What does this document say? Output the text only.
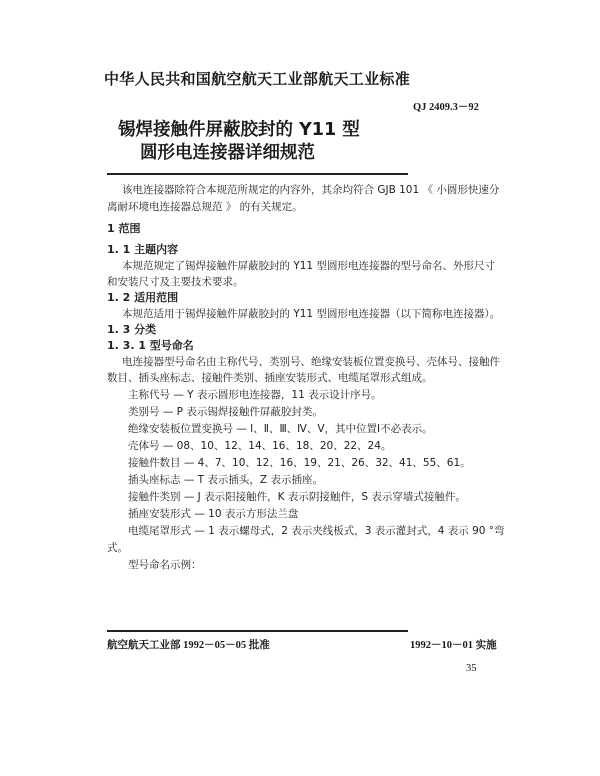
中华人民共和国航空航天工业部航天工业标准
QJ 2409.3－92
锡焊接触件屏蔽胶封的 Y11 型
圆形电连接器详细规范
该电连接器除符合本规范所规定的内容外，其余均符合 GJB 101 《 小圆形快速分
离耐环境电连接器总规范 》 的有关规定。
1 范围
1. 1 主题内容
本规范规定了锡焊接触件屏蔽胶封的 Y11 型圆形电连接器的型号命名、外形尺寸
和安装尺寸及主要技术要求。
1. 2 适用范围
本规范适用于锡焊接触件屏蔽胶封的 Y11 型圆形电连接器（以下简称电连接器）。
1. 3 分类
1. 3. 1 型号命名
电连接器型号命名由主称代号、类别号、绝缘安装板位置变换号、壳体号、接触件
数目、插头座标志、接触件类别、插座安装形式、电缆尾罩形式组成。
主称代号 — Y 表示圆形电连接器，11 表示设计序号。
类别号 — P 表示锡焊接触件屏蔽胶封类。
绝缘安装板位置变换号 — Ⅰ、Ⅱ、Ⅲ、Ⅳ、Ⅴ，其中位置Ⅰ不必表示。
壳体号 — 08、10、12、14、16、18、20、22、24。
接触件数目 — 4、7、10、12、16、19、21、26、32、41、55、61。
插头座标志 — T 表示插头，Z 表示插座。
接触件类别 — J 表示阳接触件，K 表示阴接触件，S 表示穿墙式接触件。
插座安装形式 — 10 表示方形法兰盘
电缆尾罩形式 — 1 表示螺母式，2 表示夹线板式，3 表示灌封式，4 表示 90 °弯
式。
型号命名示例：
航空航天工业部 1992－05－05 批准	1992－10－01 实施
35
